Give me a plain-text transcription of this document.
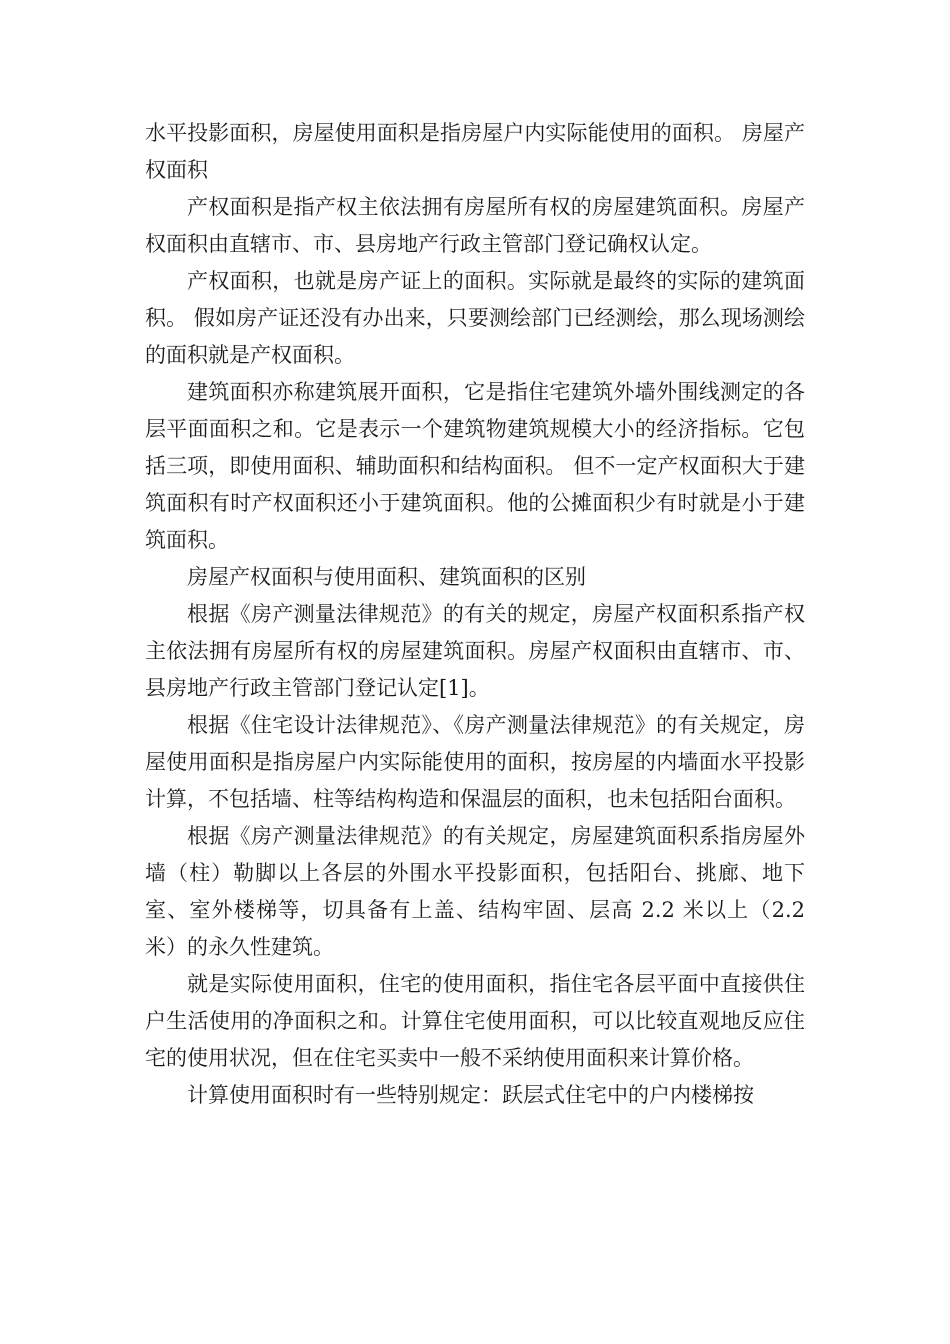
水平投影面积，房屋使用面积是指房屋户内实际能使用的面积。 房屋产权面积

产权面积是指产权主依法拥有房屋所有权的房屋建筑面积。房屋产权面积由直辖市、市、县房地产行政主管部门登记确权认定。

产权面积，也就是房产证上的面积。实际就是最终的实际的建筑面积。 假如房产证还没有办出来，只要测绘部门已经测绘，那么现场测绘的面积就是产权面积。

建筑面积亦称建筑展开面积，它是指住宅建筑外墙外围线测定的各层平面面积之和。它是表示一个建筑物建筑规模大小的经济指标。它包括三项，即使用面积、辅助面积和结构面积。 但不一定产权面积大于建筑面积有时产权面积还小于建筑面积。他的公摊面积少有时就是小于建筑面积。

房屋产权面积与使用面积、建筑面积的区别

根据《房产测量法律规范》的有关的规定，房屋产权面积系指产权主依法拥有房屋所有权的房屋建筑面积。房屋产权面积由直辖市、市、县房地产行政主管部门登记认定[1]。

根据《住宅设计法律规范》、《房产测量法律规范》的有关规定，房屋使用面积是指房屋户内实际能使用的面积，按房屋的内墙面水平投影计算，不包括墙、柱等结构构造和保温层的面积，也未包括阳台面积。

根据《房产测量法律规范》的有关规定，房屋建筑面积系指房屋外墙（柱）勒脚以上各层的外围水平投影面积，包括阳台、挑廊、地下室、室外楼梯等，切具备有上盖、结构牢固、层高 2.2 米以上（2.2 米）的永久性建筑。

就是实际使用面积，住宅的使用面积，指住宅各层平面中直接供住户生活使用的净面积之和。计算住宅使用面积，可以比较直观地反应住宅的使用状况，但在住宅买卖中一般不采纳使用面积来计算价格。

计算使用面积时有一些特别规定：跃层式住宅中的户内楼梯按
